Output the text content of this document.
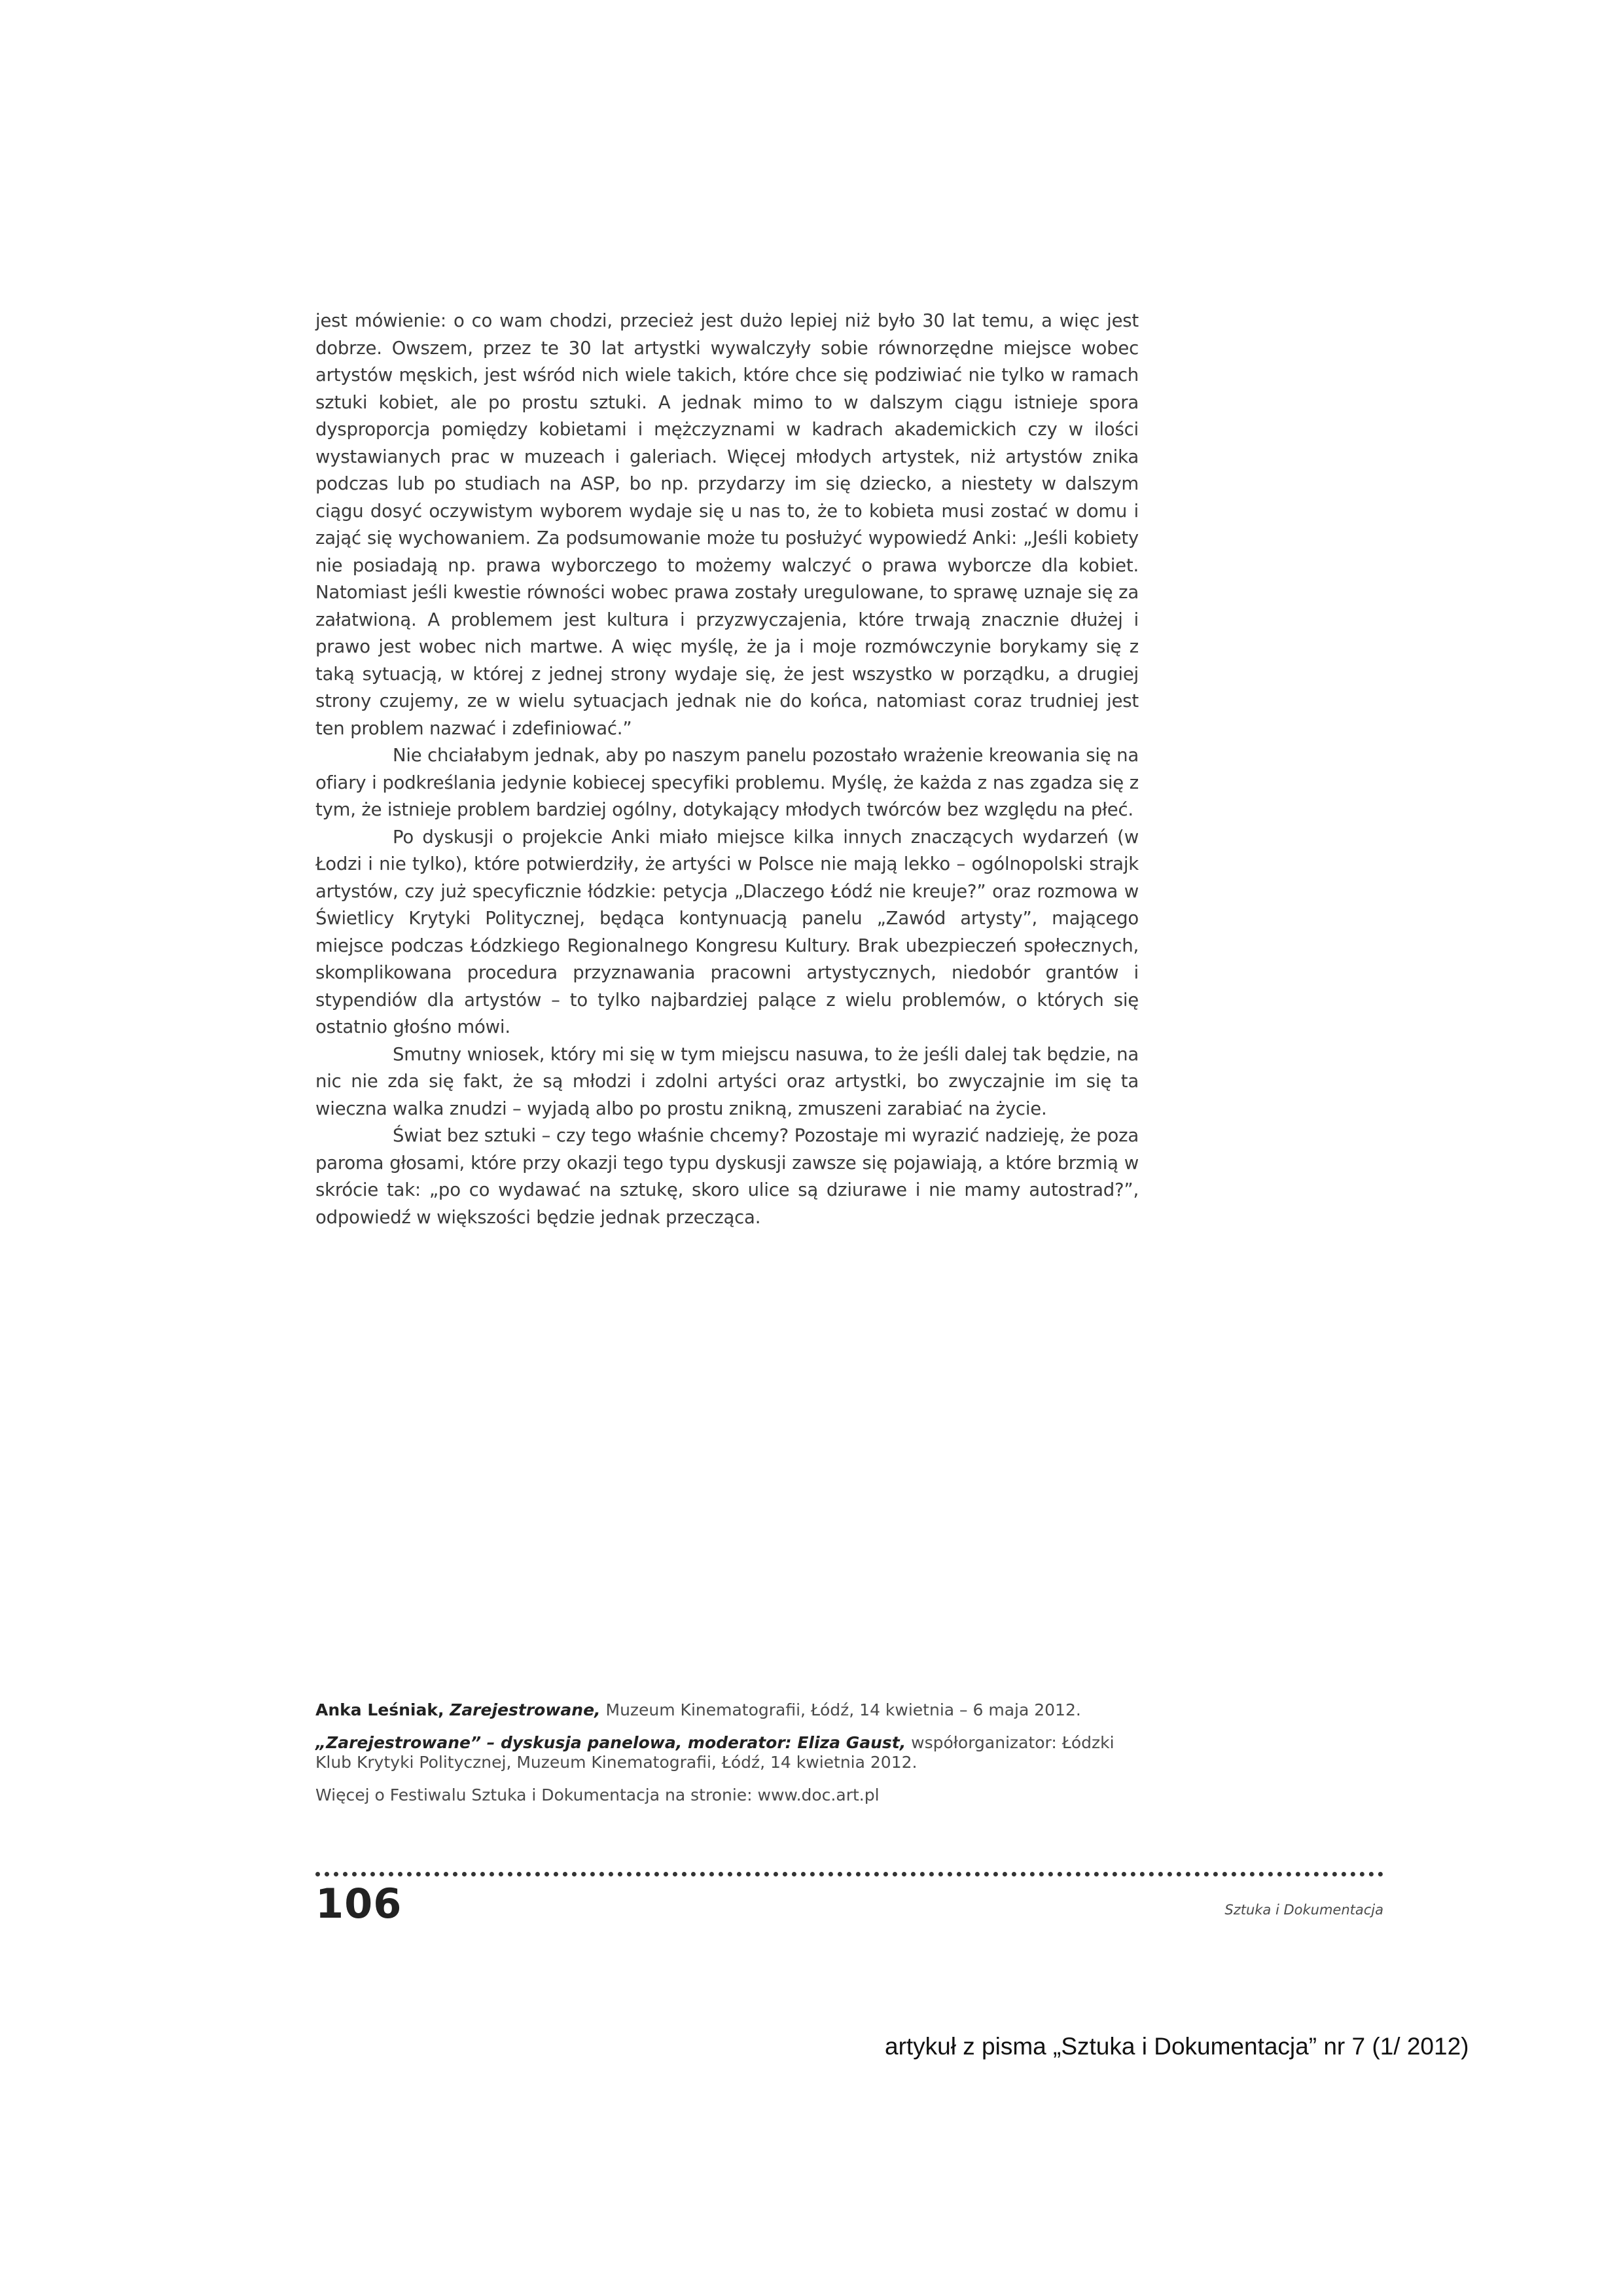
jest mówienie: o co wam chodzi, przecież jest dużo lepiej niż było 30 lat temu, a więc jest dobrze. Owszem, przez te 30 lat artystki wywalczyły sobie równorzędne miejsce wobec artystów męskich, jest wśród nich wiele takich, które chce się podziwiać nie tylko w ramach sztuki kobiet, ale po prostu sztuki. A jednak mimo to w dalszym ciągu istnieje spora dysproporcja pomiędzy kobietami i mężczyznami w kadrach akademickich czy w ilości wystawianych prac w muzeach i galeriach. Więcej młodych artystek, niż artystów znika podczas lub po studiach na ASP, bo np. przydarzy im się dziecko, a niestety w dalszym ciągu dosyć oczywistym wyborem wydaje się u nas to, że to kobieta musi zostać w domu i zająć się wychowaniem. Za podsumowanie może tu posłużyć wypowiedź Anki: „Jeśli kobiety nie posiadają np. prawa wyborczego to możemy walczyć o prawa wyborcze dla kobiet. Natomiast jeśli kwestie równości wobec prawa zostały uregulowane, to sprawę uznaje się za załatwioną. A problemem jest kultura i przyzwyczajenia, które trwają znacznie dłużej i prawo jest wobec nich martwe. A więc myślę, że ja i moje rozmówczynie borykamy się z taką sytuacją, w której z jednej strony wydaje się, że jest wszystko w porządku, a drugiej strony czujemy, ze w wielu sytuacjach jednak nie do końca, natomiast coraz trudniej jest ten problem nazwać i zdefiniować.”

Nie chciałabym jednak, aby po naszym panelu pozostało wrażenie kreowania się na ofiary i podkreślania jedynie kobiecej specyfiki problemu. Myślę, że każda z nas zgadza się z tym, że istnieje problem bardziej ogólny, dotykający młodych twórców bez względu na płeć.

Po dyskusji o projekcie Anki miało miejsce kilka innych znaczących wydarzeń (w Łodzi i nie tylko), które potwierdziły, że artyści w Polsce nie mają lekko – ogólnopolski strajk artystów, czy już specyficznie łódzkie: petycja „Dlaczego Łódź nie kreuje?” oraz rozmowa w Świetlicy Krytyki Politycznej, będąca kontynuacją panelu „Zawód artysty”, mającego miejsce podczas Łódzkiego Regionalnego Kongresu Kultury. Brak ubezpieczeń społecznych, skomplikowana procedura przyznawania pracowni artystycznych, niedobór grantów i stypendiów dla artystów – to tylko najbardziej palące z wielu problemów, o których się ostatnio głośno mówi.

Smutny wniosek, który mi się w tym miejscu nasuwa, to że jeśli dalej tak będzie, na nic nie zda się fakt, że są młodzi i zdolni artyści oraz artystki, bo zwyczajnie im się ta wieczna walka znudzi – wyjadą albo po prostu znikną, zmuszeni zarabiać na życie.

Świat bez sztuki – czy tego właśnie chcemy? Pozostaje mi wyrazić nadzieję, że poza paroma głosami, które przy okazji tego typu dyskusji zawsze się pojawiają, a które brzmią w skrócie tak: „po co wydawać na sztukę, skoro ulice są dziurawe i nie mamy autostrad?”, odpowiedź w większości będzie jednak przecząca.

Anka Leśniak, Zarejestrowane, Muzeum Kinematografii, Łódź, 14 kwietnia – 6 maja 2012.

„Zarejestrowane” – dyskusja panelowa, moderator: Eliza Gaust, współorganizator: Łódzki Klub Krytyki Politycznej, Muzeum Kinematografii, Łódź, 14 kwietnia 2012.

Więcej o Festiwalu Sztuka i Dokumentacja na stronie: www.doc.art.pl

106	Sztuka i Dokumentacja
artykuł z pisma „Sztuka i Dokumentacja” nr 7 (1/ 2012)
